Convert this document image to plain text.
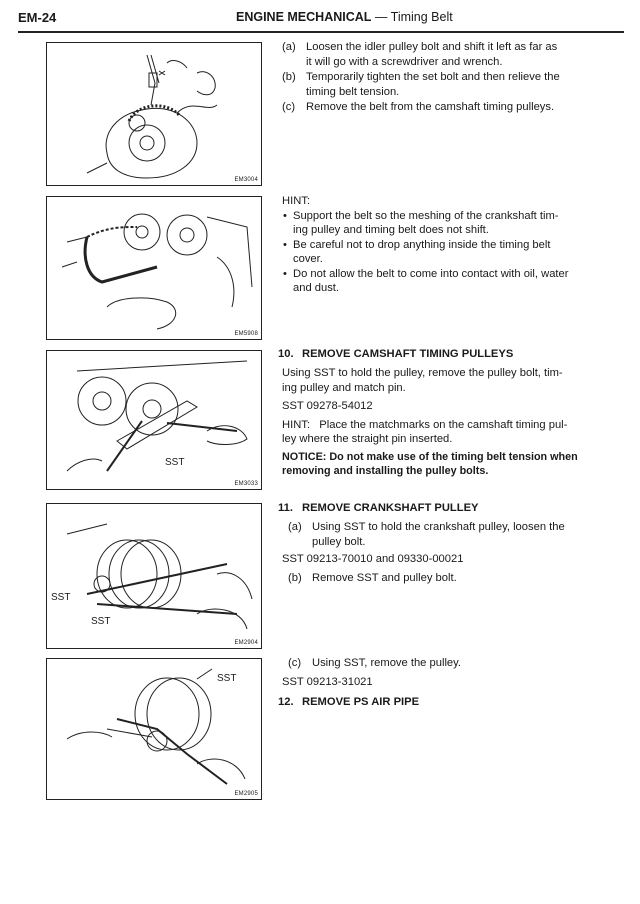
EM-24	ENGINE MECHANICAL — Timing Belt
EM3004
EM5908
SST
EM3033
SST
SST
EM2904
SST
EM2905
(a) Loosen the idler pulley bolt and shift it left as far as
it will go with a screwdriver and wrench.
(b) Temporarily tighten the set bolt and then relieve the
timing belt tension.
(c) Remove the belt from the camshaft timing pulleys.
HINT:
• Support the belt so the meshing of the crankshaft tim-
ing pulley and timing belt does not shift.
• Be careful not to drop anything inside the timing belt
cover.
• Do not allow the belt to come into contact with oil, water
and dust.
10. REMOVE CAMSHAFT TIMING PULLEYS
Using SST to hold the pulley, remove the pulley bolt, tim-
ing pulley and match pin.
SST 09278-54012
HINT: Place the matchmarks on the camshaft timing pul-
ley where the straight pin inserted.
NOTICE: Do not make use of the timing belt tension when
removing and installing the pulley bolts.
11. REMOVE CRANKSHAFT PULLEY
(a) Using SST to hold the crankshaft pulley, loosen the
pulley bolt.
SST 09213-70010 and 09330-00021
(b) Remove SST and pulley bolt.
(c) Using SST, remove the pulley.
SST 09213-31021
12. REMOVE PS AIR PIPE
